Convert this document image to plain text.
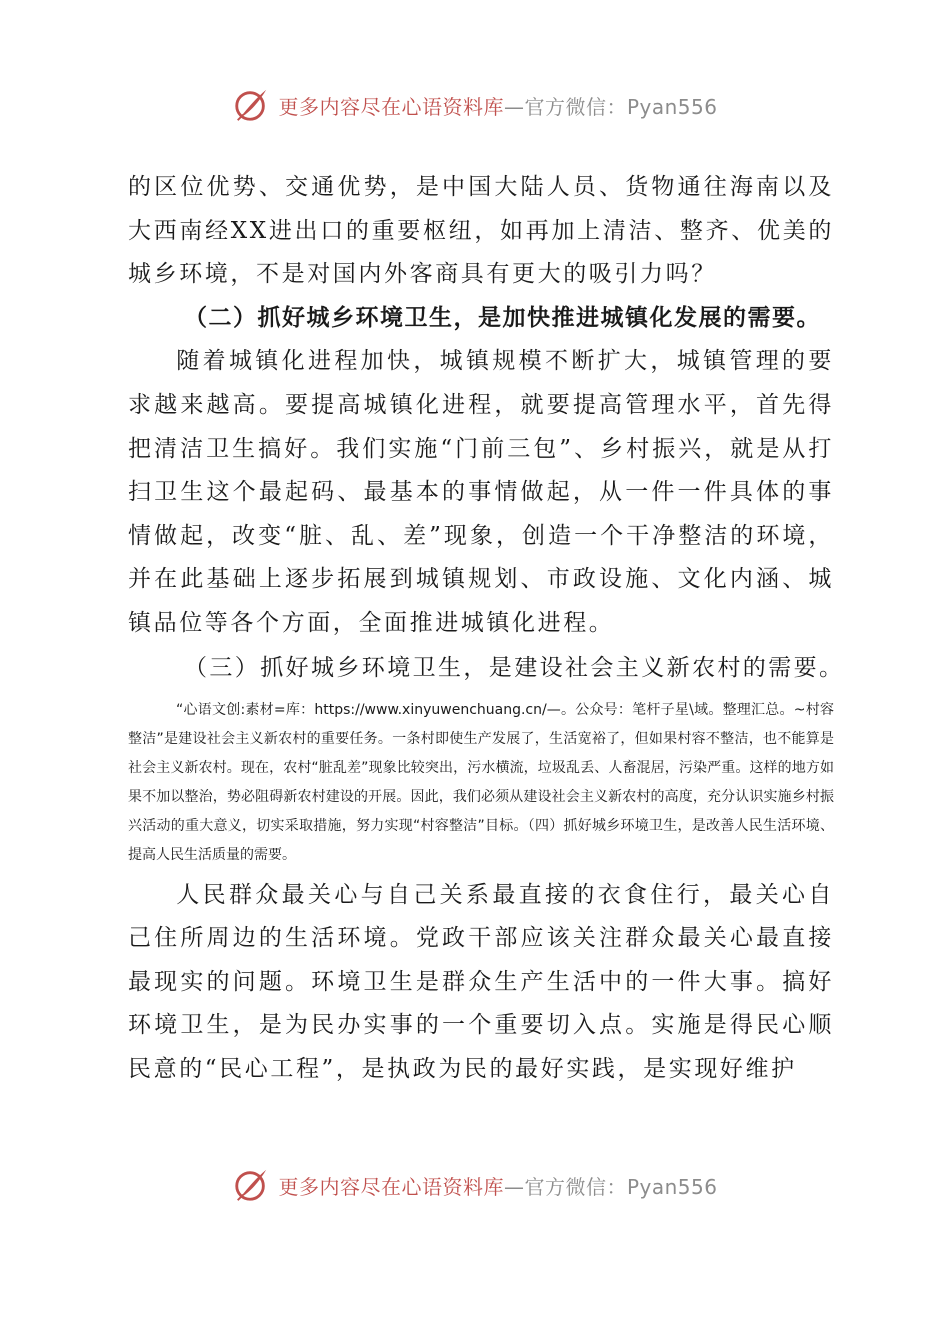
更多内容尽在心语资料库—官方微信：Pyan556

的区位优势、交通优势，是中国大陆人员、货物通往海南以及大西南经XX进出口的重要枢纽，如再加上清洁、整齐、优美的城乡环境，不是对国内外客商具有更大的吸引力吗？

（二）抓好城乡环境卫生，是加快推进城镇化发展的需要。

随着城镇化进程加快，城镇规模不断扩大，城镇管理的要求越来越高。要提高城镇化进程，就要提高管理水平，首先得把清洁卫生搞好。我们实施“门前三包”、乡村振兴，就是从打扫卫生这个最起码、最基本的事情做起，从一件一件具体的事情做起，改变“脏、乱、差”现象，创造一个干净整洁的环境，并在此基础上逐步拓展到城镇规划、市政设施、文化内涵、城镇品位等各个方面，全面推进城镇化进程。

（三）抓好城乡环境卫生，是建设社会主义新农村的需要。

“心语文创:素材=库：https://www.xinyuwenchuang.cn/—。公众号：笔杆子星\域。整理汇总。~村容整洁”是建设社会主义新农村的重要任务。一条村即使生产发展了，生活宽裕了，但如果村容不整洁，也不能算是社会主义新农村。现在，农村“脏乱差”现象比较突出，污水横流，垃圾乱丢、人畜混居，污染严重。这样的地方如果不加以整治，势必阻碍新农村建设的开展。因此，我们必须从建设社会主义新农村的高度，充分认识实施乡村振兴活动的重大意义，切实采取措施，努力实现“村容整洁”目标。（四）抓好城乡环境卫生，是改善人民生活环境、提高人民生活质量的需要。

人民群众最关心与自己关系最直接的衣食住行，最关心自己住所周边的生活环境。党政干部应该关注群众最关心最直接最现实的问题。环境卫生是群众生产生活中的一件大事。搞好环境卫生，是为民办实事的一个重要切入点。实施是得民心顺民意的“民心工程”，是执政为民的最好实践，是实现好维护

更多内容尽在心语资料库—官方微信：Pyan556
